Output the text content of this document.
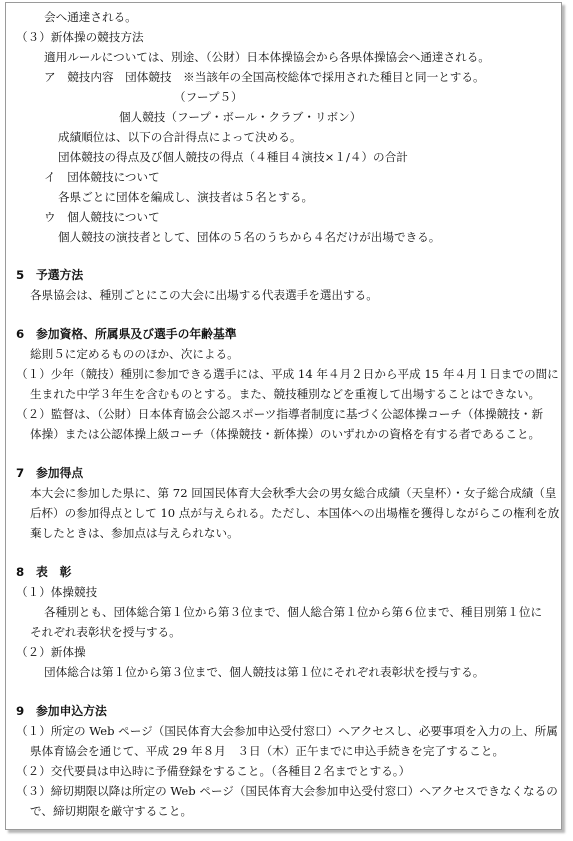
会へ通達される。
（３）新体操の競技方法
適用ルールについては、別途、（公財）日本体操協会から各県体操協会へ通達される。
ア　競技内容　団体競技　※当該年の全国高校総体で採用された種目と同一とする。
（フープ５）
個人競技（フープ・ボール・クラブ・リボン）
成績順位は、以下の合計得点によって決める。
団体競技の得点及び個人競技の得点（４種目４演技×１/４）の合計
イ　団体競技について
各県ごとに団体を編成し、演技者は５名とする。
ウ　個人競技について
個人競技の演技者として、団体の５名のうちから４名だけが出場できる。
5　予選方法
各県協会は、種別ごとにこの大会に出場する代表選手を選出する。
6　参加資格、所属県及び選手の年齢基準
総則５に定めるもののほか、次による。
（１）少年（競技）種別に参加できる選手には、平成 14 年４月２日から平成 15 年４月１日までの間に
生まれた中学３年生を含むものとする。また、競技種別などを重複して出場することはできない。
（２）監督は、（公財）日本体育協会公認スポーツ指導者制度に基づく公認体操コーチ（体操競技・新
体操）または公認体操上級コーチ（体操競技・新体操）のいずれかの資格を有する者であること。
7　参加得点
本大会に参加した県に、第 72 回国民体育大会秋季大会の男女総合成績（天皇杯）・女子総合成績（皇
后杯）の参加得点として 10 点が与えられる。ただし、本国体への出場権を獲得しながらこの権利を放
棄したときは、参加点は与えられない。
8　表　彰
（１）体操競技
各種別とも、団体総合第１位から第３位まで、個人総合第１位から第６位まで、種目別第１位に
それぞれ表彰状を授与する。
（２）新体操
団体総合は第１位から第３位まで、個人競技は第１位にそれぞれ表彰状を授与する。
9　参加申込方法
（１）所定の Web ページ（国民体育大会参加申込受付窓口）へアクセスし、必要事項を入力の上、所属
県体育協会を通じて、平成 29 年８月　３日（木）正午までに申込手続きを完了すること。
（２）交代要員は申込時に予備登録をすること。（各種目２名までとする。）
（３）締切期限以降は所定の Web ページ（国民体育大会参加申込受付窓口）へアクセスできなくなるの
で、締切期限を厳守すること。
